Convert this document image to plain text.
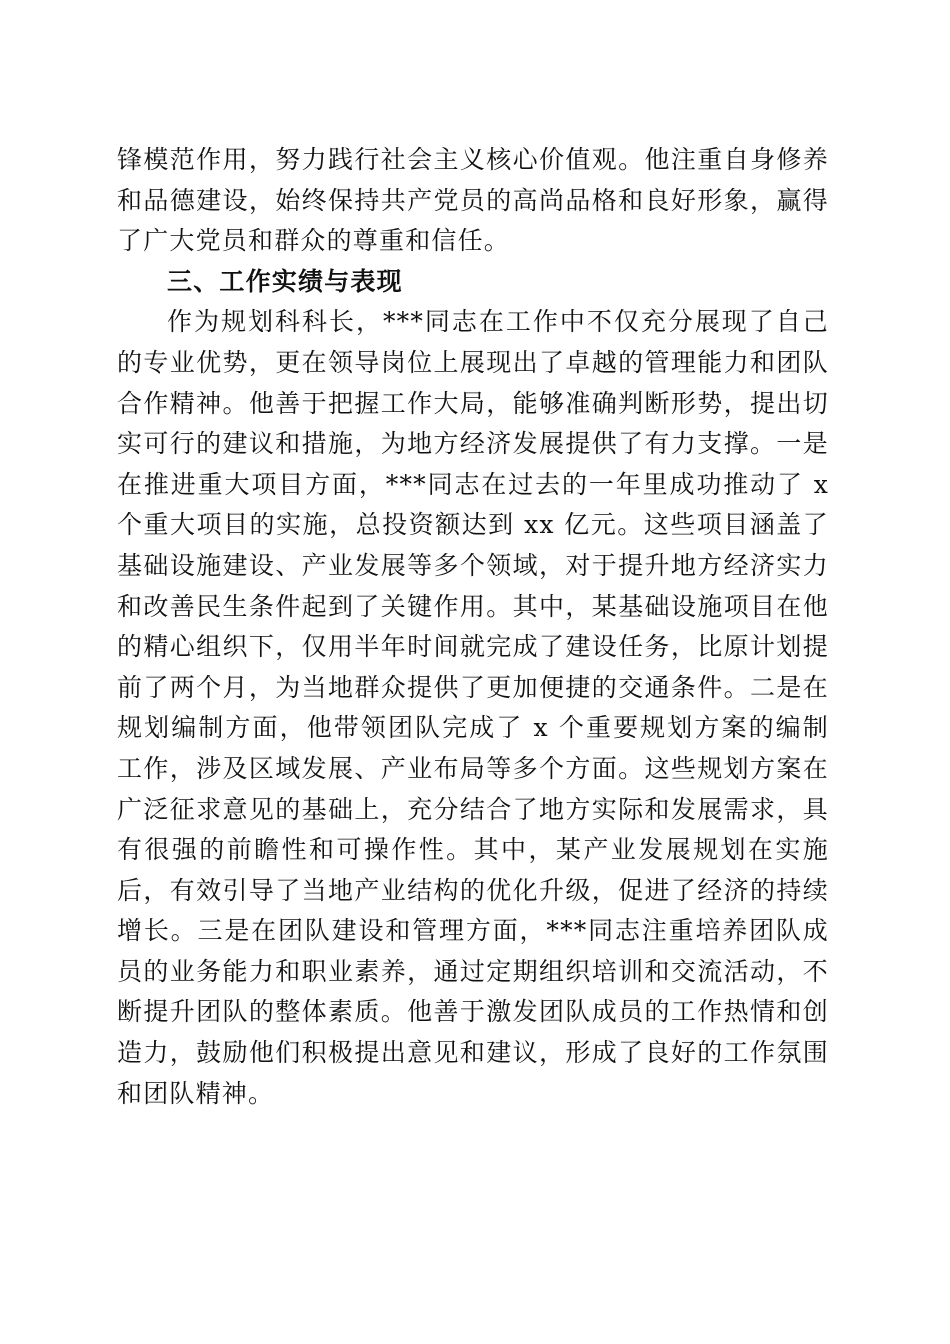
锋模范作用，努力践行社会主义核心价值观。他注重自身修养和品德建设，始终保持共产党员的高尚品格和良好形象，赢得了广大党员和群众的尊重和信任。

三、工作实绩与表现

作为规划科科长，***同志在工作中不仅充分展现了自己的专业优势，更在领导岗位上展现出了卓越的管理能力和团队合作精神。他善于把握工作大局，能够准确判断形势，提出切实可行的建议和措施，为地方经济发展提供了有力支撑。一是在推进重大项目方面，***同志在过去的一年里成功推动了 x 个重大项目的实施，总投资额达到 xx 亿元。这些项目涵盖了基础设施建设、产业发展等多个领域，对于提升地方经济实力和改善民生条件起到了关键作用。其中，某基础设施项目在他的精心组织下，仅用半年时间就完成了建设任务，比原计划提前了两个月，为当地群众提供了更加便捷的交通条件。二是在规划编制方面，他带领团队完成了 x 个重要规划方案的编制工作，涉及区域发展、产业布局等多个方面。这些规划方案在广泛征求意见的基础上，充分结合了地方实际和发展需求，具有很强的前瞻性和可操作性。其中，某产业发展规划在实施后，有效引导了当地产业结构的优化升级，促进了经济的持续增长。三是在团队建设和管理方面，***同志注重培养团队成员的业务能力和职业素养，通过定期组织培训和交流活动，不断提升团队的整体素质。他善于激发团队成员的工作热情和创造力，鼓励他们积极提出意见和建议，形成了良好的工作氛围和团队精神。
